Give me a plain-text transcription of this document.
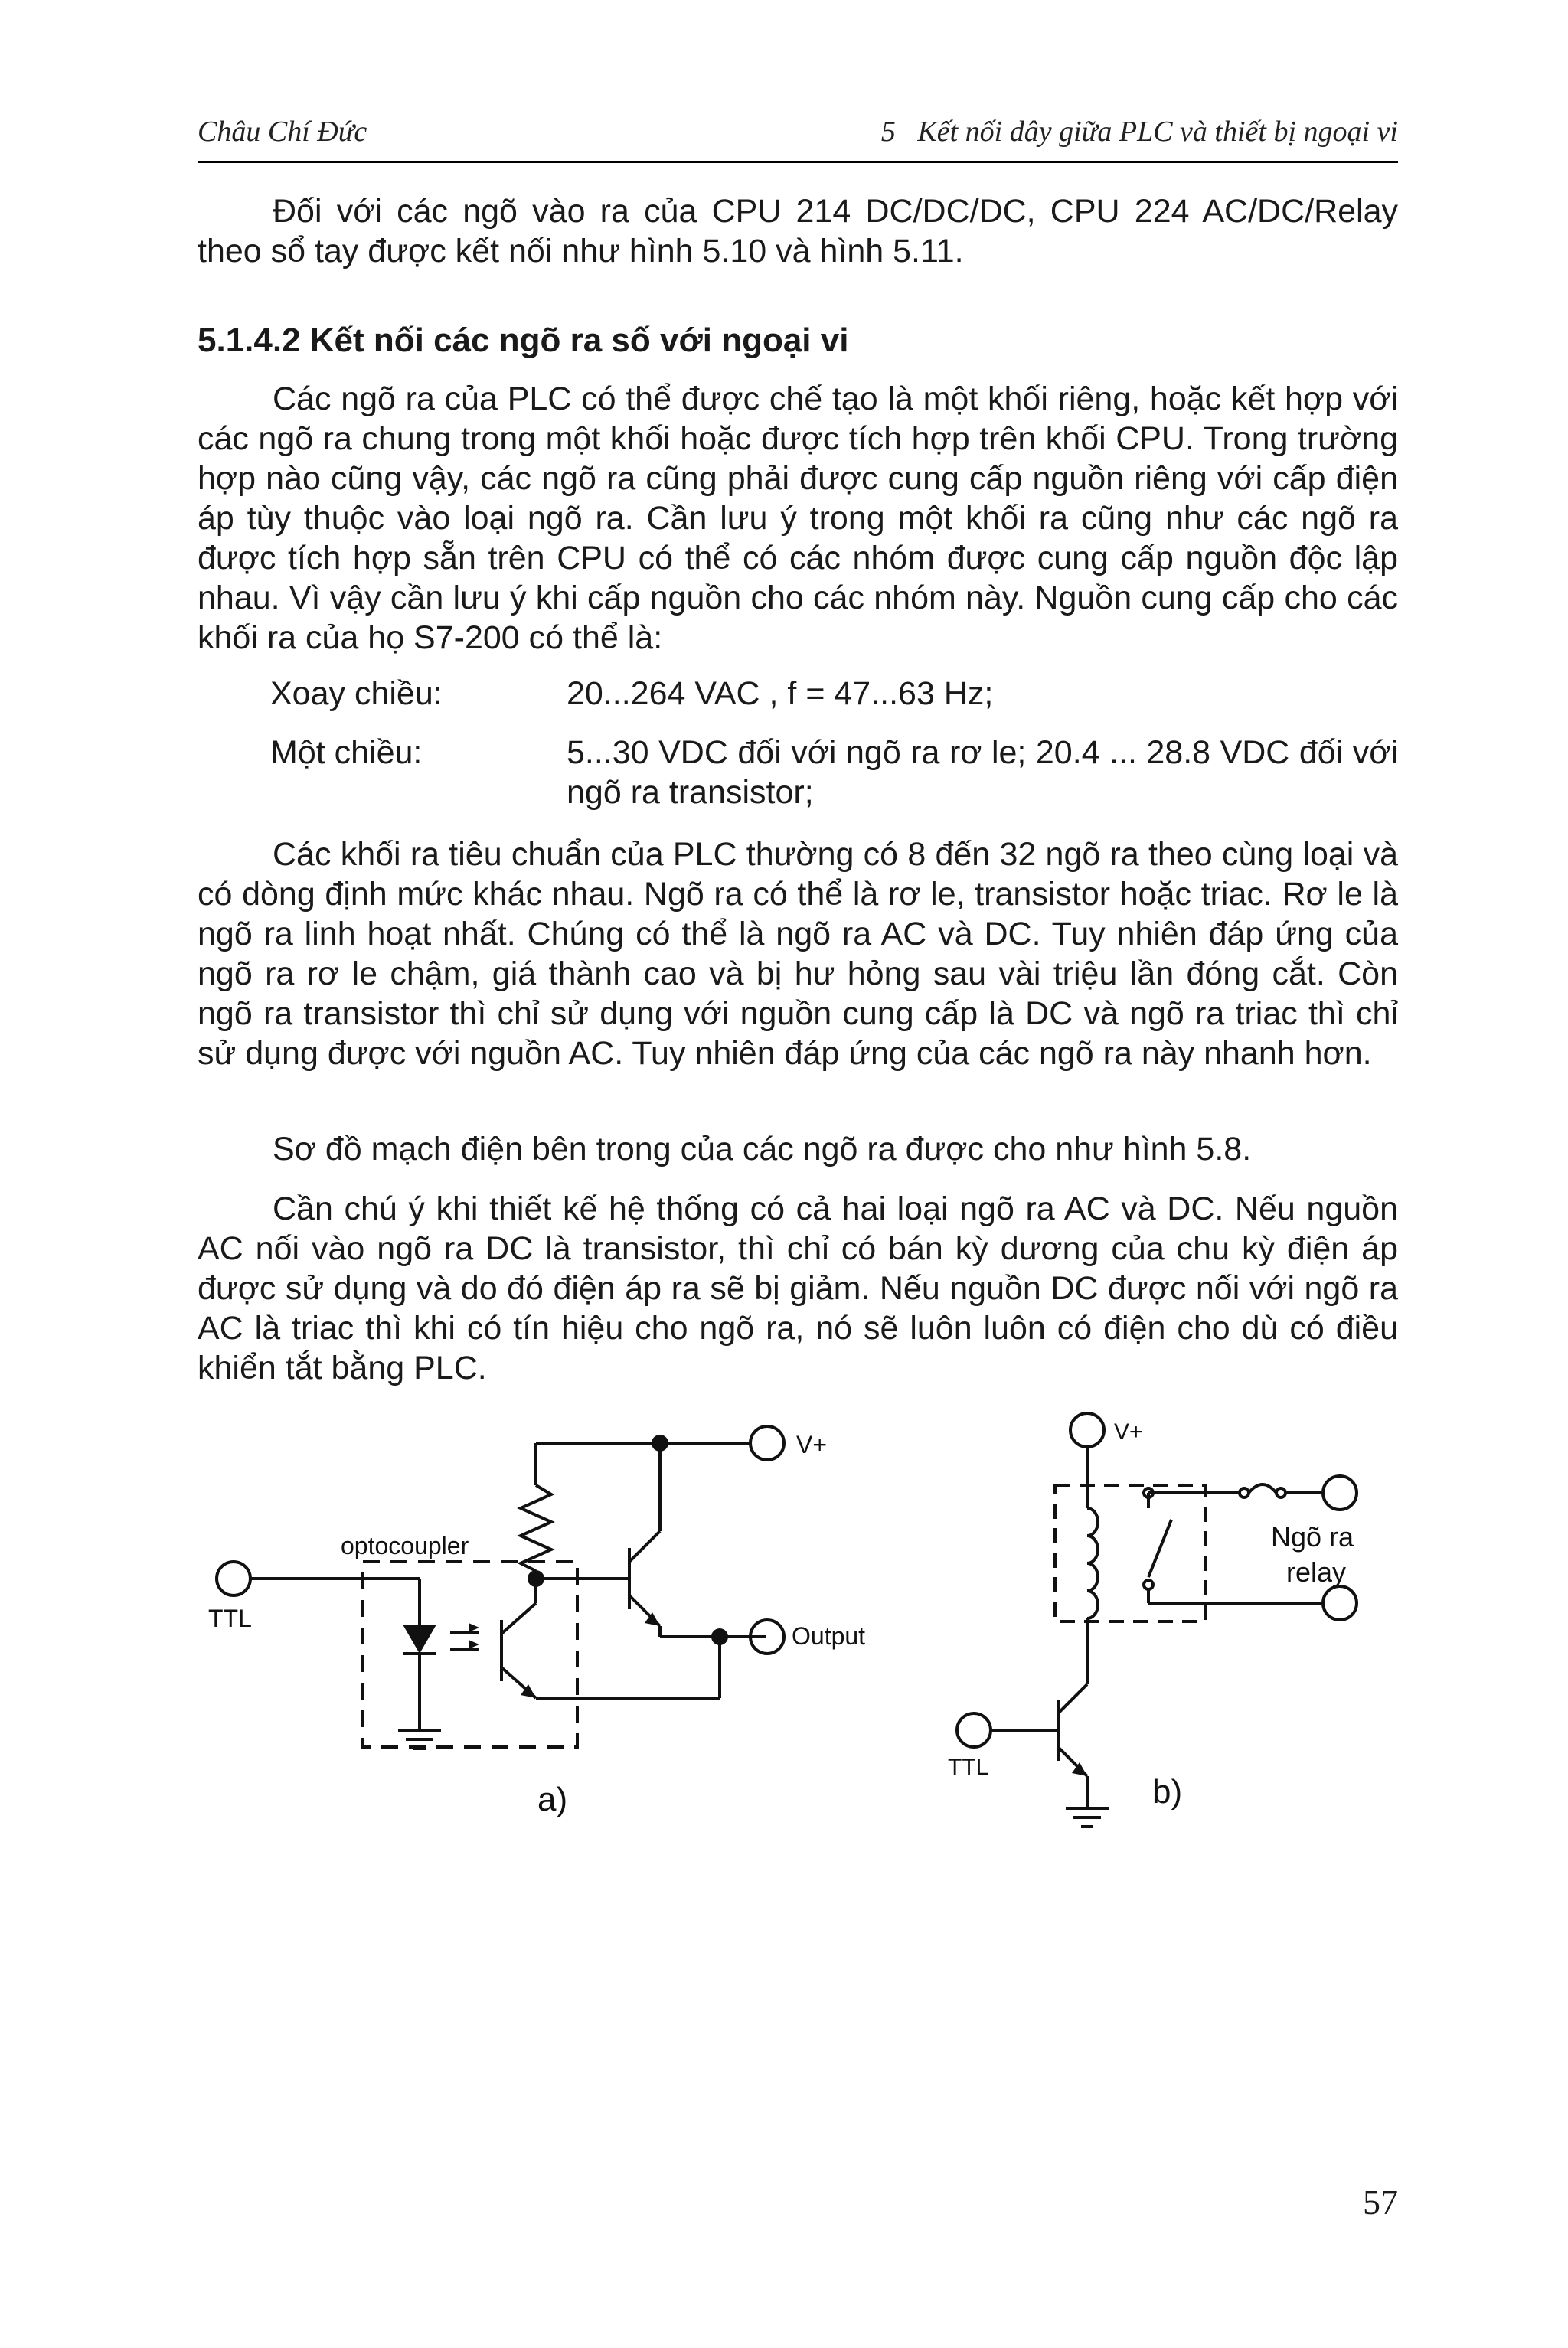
Châu Chí Đức	5   Kết nối dây giữa PLC và thiết bị ngoại vi

Đối với các ngõ vào ra của CPU 214 DC/DC/DC, CPU 224 AC/DC/Relay theo sổ tay được kết nối như hình 5.10 và hình 5.11.

5.1.4.2 Kết nối các ngõ ra số với ngoại vi

Các ngõ ra của PLC có thể được chế tạo là một khối riêng, hoặc kết hợp với các ngõ ra chung trong một khối hoặc được tích hợp trên khối CPU. Trong trường hợp nào cũng vậy, các ngõ ra cũng phải được cung cấp nguồn riêng với cấp điện áp tùy thuộc vào loại ngõ ra. Cần lưu ý trong một khối ra cũng như các ngõ ra được tích hợp sẵn trên CPU có thể có các nhóm được cung cấp nguồn độc lập nhau. Vì vậy cần lưu ý khi cấp nguồn cho các nhóm này. Nguồn cung cấp cho các khối ra của họ S7-200 có thể là:

Xoay chiều:	20...264 VAC , f = 47...63 Hz;
Một chiều:	5...30 VDC đối với ngõ ra rơ le; 20.4 ... 28.8 VDC đối với ngõ ra transistor;

Các khối ra tiêu chuẩn của PLC thường có 8 đến 32 ngõ ra theo cùng loại và có dòng định mức khác nhau. Ngõ ra có thể là rơ le, transistor hoặc triac. Rơ le là ngõ ra linh hoạt nhất. Chúng có thể là ngõ ra AC và DC. Tuy nhiên đáp ứng của ngõ ra rơ le chậm, giá thành cao và bị hư hỏng sau vài triệu lần đóng cắt. Còn ngõ ra transistor thì chỉ sử dụng với nguồn cung cấp là DC và ngõ ra triac thì chỉ sử dụng được với nguồn AC. Tuy nhiên đáp ứng của các ngõ ra này nhanh hơn.

Sơ đồ mạch điện bên trong của các ngõ ra được cho như hình 5.8.

Cần chú ý khi thiết kế hệ thống có cả hai loại ngõ ra AC và DC. Nếu nguồn AC nối vào ngõ ra DC là transistor, thì chỉ có bán kỳ dương của chu kỳ điện áp được sử dụng và do đó điện áp ra sẽ bị giảm. Nếu nguồn DC được nối với ngõ ra AC là triac thì khi có tín hiệu cho ngõ ra, nó sẽ luôn luôn có điện cho dù có điều khiển tắt bằng PLC.

V+
optocoupler
TTL
Output
a)
V+
Ngõ ra
relay
TTL
b)
57
